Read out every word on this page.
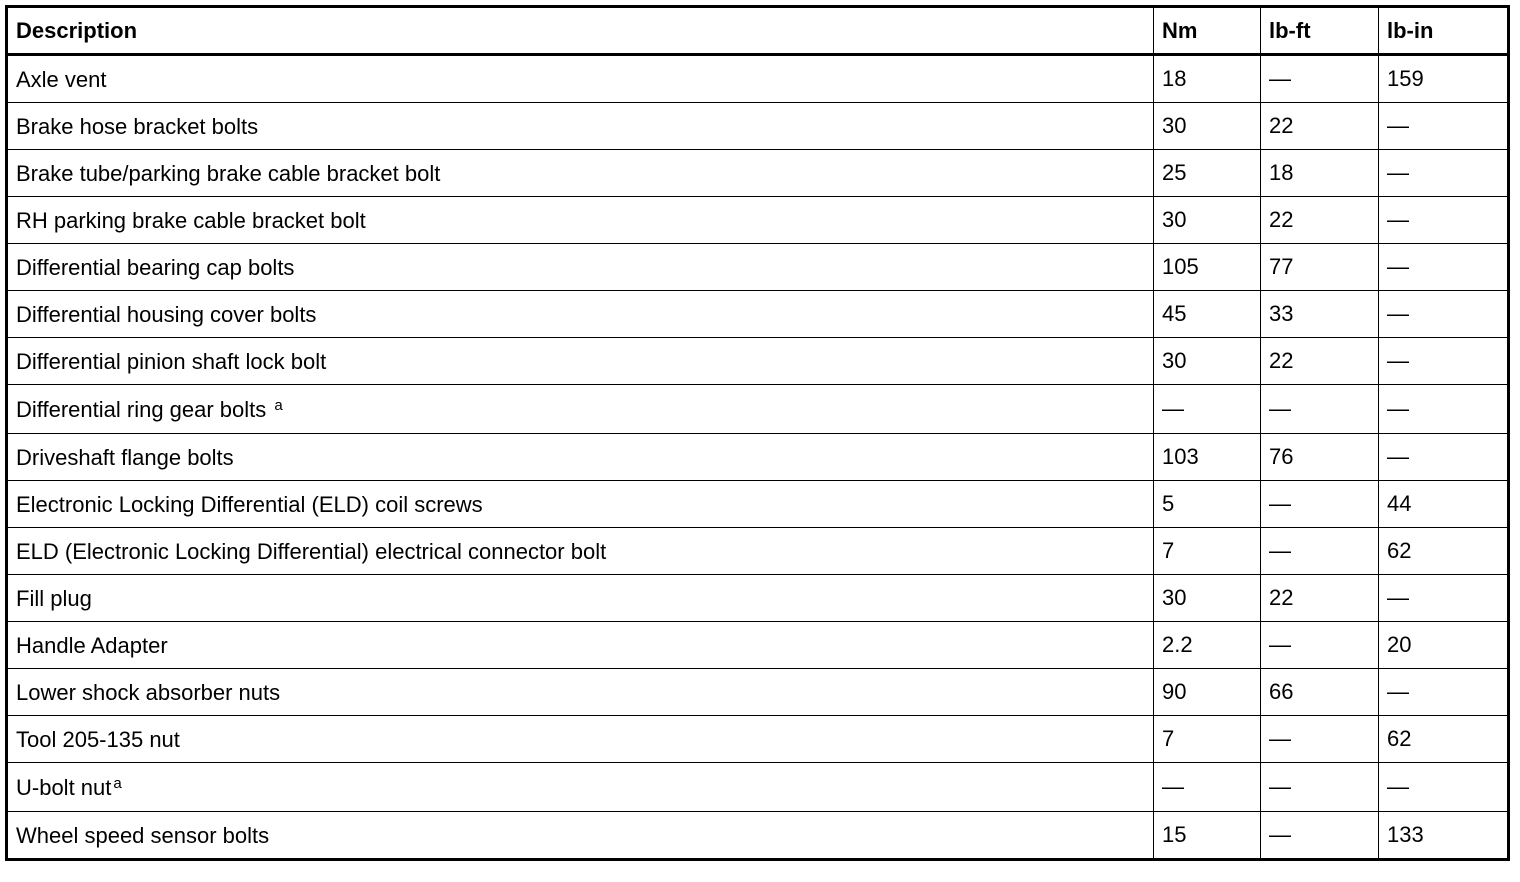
Description	Nm	lb-ft	lb-in
Axle vent	18	—	159
Brake hose bracket bolts	30	22	—
Brake tube/parking brake cable bracket bolt	25	18	—
RH parking brake cable bracket bolt	30	22	—
Differential bearing cap bolts	105	77	—
Differential housing cover bolts	45	33	—
Differential pinion shaft lock bolt	30	22	—
Differential ring gear bolts $^a$	—	—	—
Driveshaft flange bolts	103	76	—
Electronic Locking Differential (ELD) coil screws	5	—	44
ELD (Electronic Locking Differential) electrical connector bolt	7	—	62
Fill plug	30	22	—
Handle Adapter	2.2	—	20
Lower shock absorber nuts	90	66	—
Tool 205-135 nut	7	—	62
U-bolt nut $^a$	—	—	—
Wheel speed sensor bolts	15	—	133
